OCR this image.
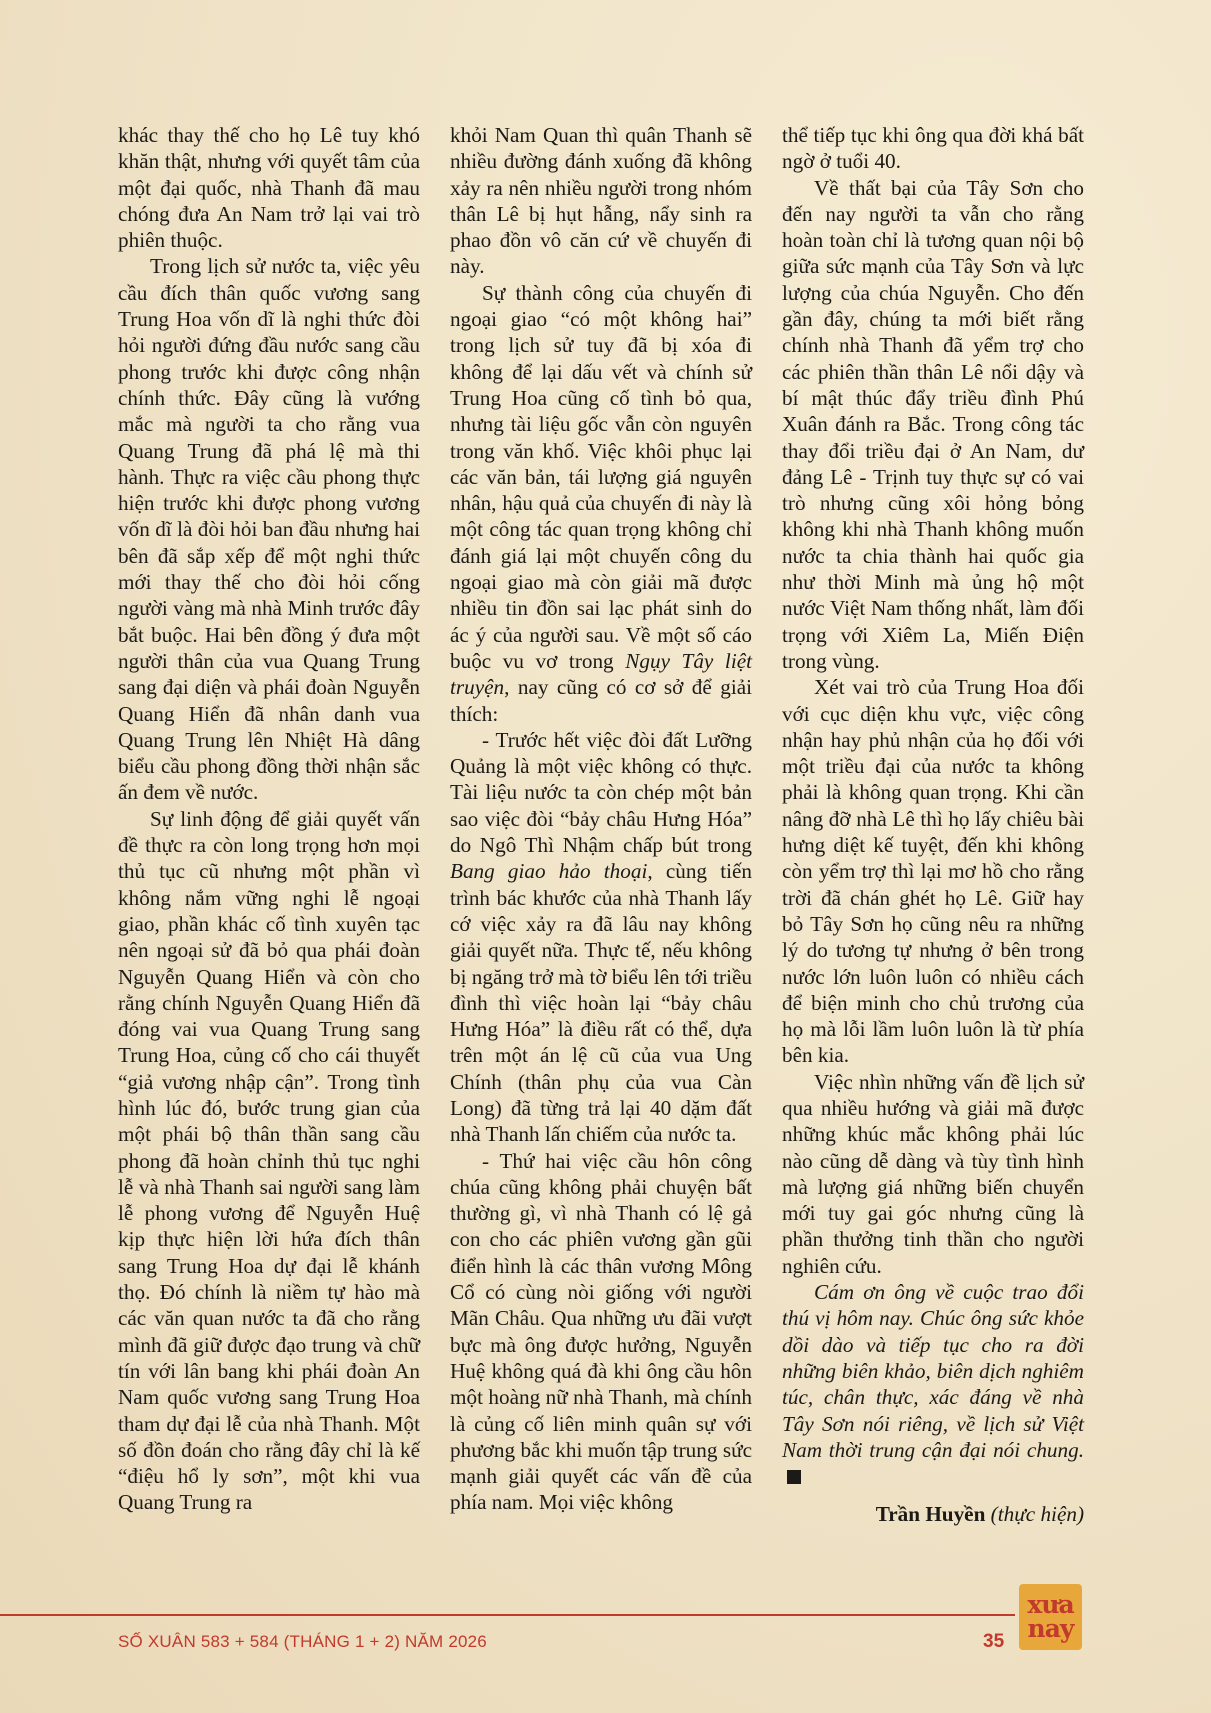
khác thay thế cho họ Lê tuy khó khăn thật, nhưng với quyết tâm của một đại quốc, nhà Thanh đã mau chóng đưa An Nam trở lại vai trò phiên thuộc.

Trong lịch sử nước ta, việc yêu cầu đích thân quốc vương sang Trung Hoa vốn dĩ là nghi thức đòi hỏi người đứng đầu nước sang cầu phong trước khi được công nhận chính thức. Đây cũng là vướng mắc mà người ta cho rằng vua Quang Trung đã phá lệ mà thi hành. Thực ra việc cầu phong thực hiện trước khi được phong vương vốn dĩ là đòi hỏi ban đầu nhưng hai bên đã sắp xếp để một nghi thức mới thay thế cho đòi hỏi cống người vàng mà nhà Minh trước đây bắt buộc. Hai bên đồng ý đưa một người thân của vua Quang Trung sang đại diện và phái đoàn Nguyễn Quang Hiển đã nhân danh vua Quang Trung lên Nhiệt Hà dâng biểu cầu phong đồng thời nhận sắc ấn đem về nước.

Sự linh động để giải quyết vấn đề thực ra còn long trọng hơn mọi thủ tục cũ nhưng một phần vì không nắm vững nghi lễ ngoại giao, phần khác cố tình xuyên tạc nên ngoại sử đã bỏ qua phái đoàn Nguyễn Quang Hiển và còn cho rằng chính Nguyễn Quang Hiển đã đóng vai vua Quang Trung sang Trung Hoa, củng cố cho cái thuyết “giả vương nhập cận”. Trong tình hình lúc đó, bước trung gian của một phái bộ thân thần sang cầu phong đã hoàn chỉnh thủ tục nghi lễ và nhà Thanh sai người sang làm lễ phong vương để Nguyễn Huệ kịp thực hiện lời hứa đích thân sang Trung Hoa dự đại lễ khánh thọ. Đó chính là niềm tự hào mà các văn quan nước ta đã cho rằng mình đã giữ được đạo trung và chữ tín với lân bang khi phái đoàn An Nam quốc vương sang Trung Hoa tham dự đại lễ của nhà Thanh. Một số đồn đoán cho rằng đây chỉ là kế “điệu hổ ly sơn”, một khi vua Quang Trung ra

khỏi Nam Quan thì quân Thanh sẽ nhiều đường đánh xuống đã không xảy ra nên nhiều người trong nhóm thân Lê bị hụt hẫng, nẩy sinh ra phao đồn vô căn cứ về chuyến đi này.

Sự thành công của chuyến đi ngoại giao “có một không hai” trong lịch sử tuy đã bị xóa đi không để lại dấu vết và chính sử Trung Hoa cũng cố tình bỏ qua, nhưng tài liệu gốc vẫn còn nguyên trong văn khố. Việc khôi phục lại các văn bản, tái lượng giá nguyên nhân, hậu quả của chuyến đi này là một công tác quan trọng không chỉ đánh giá lại một chuyến công du ngoại giao mà còn giải mã được nhiều tin đồn sai lạc phát sinh do ác ý của người sau. Về một số cáo buộc vu vơ trong Ngụy Tây liệt truyện, nay cũng có cơ sở để giải thích:

- Trước hết việc đòi đất Lưỡng Quảng là một việc không có thực. Tài liệu nước ta còn chép một bản sao việc đòi “bảy châu Hưng Hóa” do Ngô Thì Nhậm chấp bút trong Bang giao hảo thoại, cùng tiến trình bác khước của nhà Thanh lấy cớ việc xảy ra đã lâu nay không giải quyết nữa. Thực tế, nếu không bị ngăng trở mà tờ biểu lên tới triều đình thì việc hoàn lại “bảy châu Hưng Hóa” là điều rất có thể, dựa trên một án lệ cũ của vua Ung Chính (thân phụ của vua Càn Long) đã từng trả lại 40 dặm đất nhà Thanh lấn chiếm của nước ta.

- Thứ hai việc cầu hôn công chúa cũng không phải chuyện bất thường gì, vì nhà Thanh có lệ gả con cho các phiên vương gần gũi điển hình là các thân vương Mông Cổ có cùng nòi giống với người Mãn Châu. Qua những ưu đãi vượt bực mà ông được hưởng, Nguyễn Huệ không quá đà khi ông cầu hôn một hoàng nữ nhà Thanh, mà chính là củng cố liên minh quân sự với phương bắc khi muốn tập trung sức mạnh giải quyết các vấn đề của phía nam. Mọi việc không

thể tiếp tục khi ông qua đời khá bất ngờ ở tuổi 40.

Về thất bại của Tây Sơn cho đến nay người ta vẫn cho rằng hoàn toàn chỉ là tương quan nội bộ giữa sức mạnh của Tây Sơn và lực lượng của chúa Nguyễn. Cho đến gần đây, chúng ta mới biết rằng chính nhà Thanh đã yểm trợ cho các phiên thần thân Lê nổi dậy và bí mật thúc đẩy triều đình Phú Xuân đánh ra Bắc. Trong công tác thay đổi triều đại ở An Nam, dư đảng Lê - Trịnh tuy thực sự có vai trò nhưng cũng xôi hỏng bỏng không khi nhà Thanh không muốn nước ta chia thành hai quốc gia như thời Minh mà ủng hộ một nước Việt Nam thống nhất, làm đối trọng với Xiêm La, Miến Điện trong vùng.

Xét vai trò của Trung Hoa đối với cục diện khu vực, việc công nhận hay phủ nhận của họ đối với một triều đại của nước ta không phải là không quan trọng. Khi cần nâng đỡ nhà Lê thì họ lấy chiêu bài hưng diệt kế tuyệt, đến khi không còn yểm trợ thì lại mơ hồ cho rằng trời đã chán ghét họ Lê. Giữ hay bỏ Tây Sơn họ cũng nêu ra những lý do tương tự nhưng ở bên trong nước lớn luôn luôn có nhiều cách để biện minh cho chủ trương của họ mà lỗi lầm luôn luôn là từ phía bên kia.

Việc nhìn những vấn đề lịch sử qua nhiều hướng và giải mã được những khúc mắc không phải lúc nào cũng dễ dàng và tùy tình hình mà lượng giá những biến chuyển mới tuy gai góc nhưng cũng là phần thưởng tinh thần cho người nghiên cứu.

Cám ơn ông về cuộc trao đổi thú vị hôm nay. Chúc ông sức khỏe dồi dào và tiếp tục cho ra đời những biên khảo, biên dịch nghiêm túc, chân thực, xác đáng về nhà Tây Sơn nói riêng, về lịch sử Việt Nam thời trung cận đại nói chung.

Trần Huyền (thực hiện)

SỐ XUÂN 583 + 584 (THÁNG 1 + 2) NĂM 2026	35
xưa
nay
